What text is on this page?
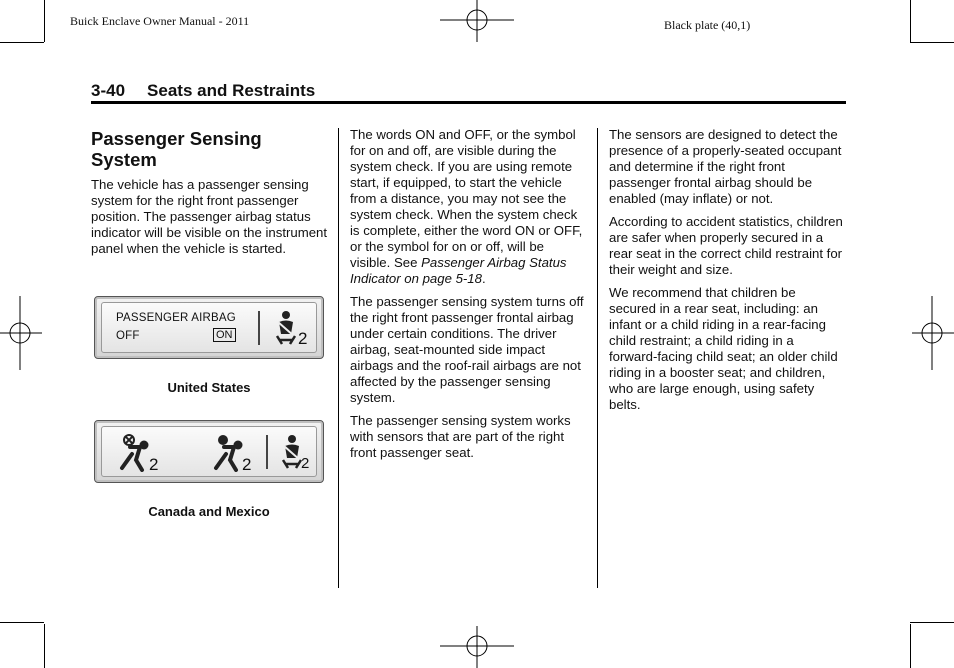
Buick Enclave Owner Manual - 2011	Black plate (40,1)
3-40 Seats and Restraints
Passenger Sensing
System

The vehicle has a passenger sensing system for the right front passenger position. The passenger airbag status indicator will be visible on the instrument panel when the vehicle is started.

PASSENGER AIRBAG
OFF	ON	2
United States
2	2	2
Canada and Mexico

The words ON and OFF, or the symbol for on and off, are visible during the system check. If you are using remote start, if equipped, to start the vehicle from a distance, you may not see the system check. When the system check is complete, either the word ON or OFF, or the symbol for on or off, will be visible. See Passenger Airbag Status Indicator on page 5-18.

The passenger sensing system turns off the right front passenger frontal airbag under certain conditions. The driver airbag, seat-mounted side impact airbags and the roof-rail airbags are not affected by the passenger sensing system.

The passenger sensing system works with sensors that are part of the right front passenger seat.

The sensors are designed to detect the presence of a properly-seated occupant and determine if the right front passenger frontal airbag should be enabled (may inflate) or not.

According to accident statistics, children are safer when properly secured in a rear seat in the correct child restraint for their weight and size.

We recommend that children be secured in a rear seat, including: an infant or a child riding in a rear-facing child restraint; a child riding in a forward-facing child seat; an older child riding in a booster seat; and children, who are large enough, using safety belts.
